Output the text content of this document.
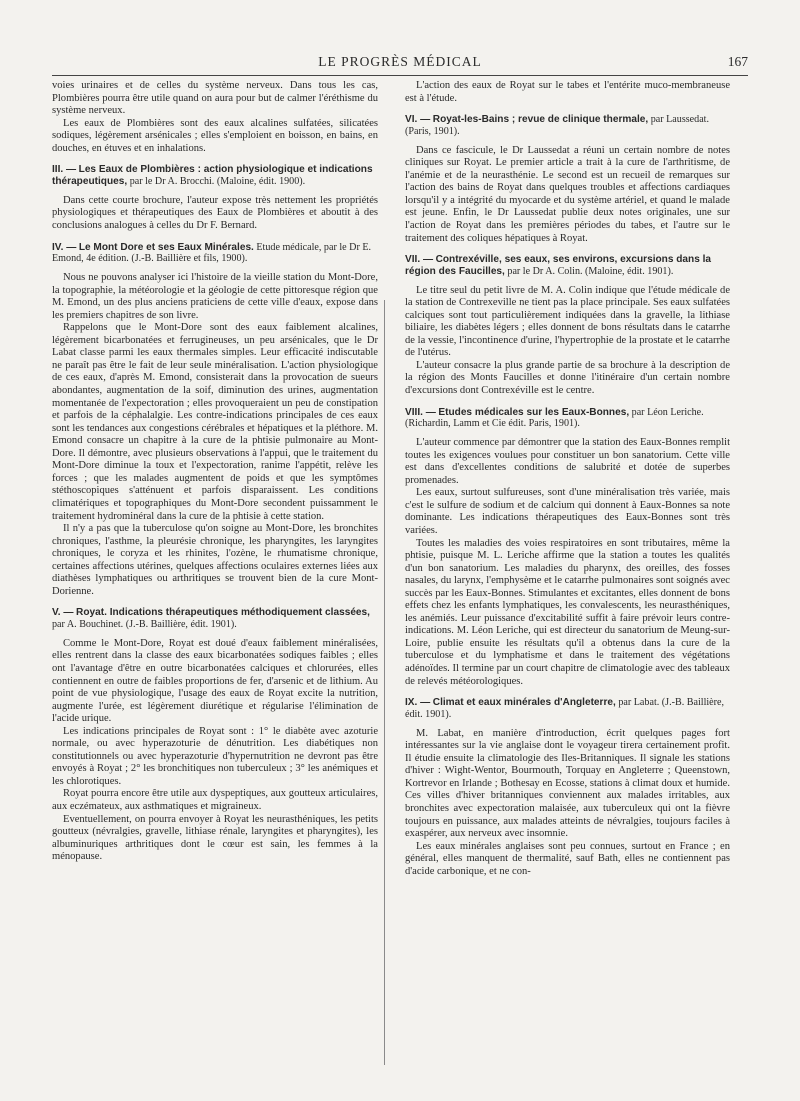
LE PROGRÈS MÉDICAL	167

voies urinaires et de celles du système nerveux. Dans tous les cas, Plombières pourra être utile quand on aura pour but de calmer l'éréthisme du système nerveux.

Les eaux de Plombières sont des eaux alcalines sulfatées, silicatées sodiques, légèrement arsénicales ; elles s'emploient en boisson, en bains, en douches, en étuves et en inhalations.

III. — Les Eaux de Plombières : action physiologique et indications thérapeutiques, par le Dr A. Brocchi. (Maloine, édit. 1900).

Dans cette courte brochure, l'auteur expose très nettement les propriétés physiologiques et thérapeutiques des Eaux de Plombières et aboutit à des conclusions analogues à celles du Dr F. Bernard.

IV. — Le Mont Dore et ses Eaux Minérales. Etude médicale, par le Dr E. Emond, 4e édition. (J.-B. Baillière et fils, 1900).

Nous ne pouvons analyser ici l'histoire de la vieille station du Mont-Dore, la topographie, la météorologie et la géologie de cette pittoresque région que M. Emond, un des plus anciens praticiens de cette ville d'eaux, expose dans les premiers chapitres de son livre.

Rappelons que le Mont-Dore sont des eaux faiblement alcalines, légèrement bicarbonatées et ferrugineuses, un peu arsénicales, que le Dr Labat classe parmi les eaux thermales simples. Leur efficacité indiscutable ne paraît pas être le fait de leur seule minéralisation. L'action physiologique de ces eaux, d'après M. Emond, consisterait dans la provocation de sueurs abondantes, augmentation de la soif, diminution des urines, augmentation momentanée de l'expectoration ; elles provoqueraient un peu de constipation et parfois de la céphalalgie. Les contre-indications principales de ces eaux sont les tendances aux congestions cérébrales et hépatiques et la pléthore. M. Emond consacre un chapitre à la cure de la phtisie pulmonaire au Mont-Dore. Il démontre, avec plusieurs observations à l'appui, que le traitement du Mont-Dore diminue la toux et l'expectoration, ranime l'appétit, relève les forces ; que les malades augmentent de poids et que les symptômes stéthoscopiques s'atténuent et parfois disparaissent. Les conditions climatériques et topographiques du Mont-Dore secondent puissamment le traitement hydrominéral dans la cure de la phtisie à cette station.

Il n'y a pas que la tuberculose qu'on soigne au Mont-Dore, les bronchites chroniques, l'asthme, la pleurésie chronique, les pharyngites, les laryngites chroniques, le coryza et les rhinites, l'ozène, le rhumatisme chronique, certaines affections utérines, quelques affections oculaires externes liées aux diathèses lymphatiques ou arthritiques se trouvent bien de la cure Mont-Dorienne.

V. — Royat. Indications thérapeutiques méthodiquement classées, par A. Bouchinet. (J.-B. Baillière, édit. 1901).

Comme le Mont-Dore, Royat est doué d'eaux faiblement minéralisées, elles rentrent dans la classe des eaux bicarbonatées sodiques faibles ; elles ont l'avantage d'être en outre bicarbonatées calciques et chlorurées, elles contiennent en outre de faibles proportions de fer, d'arsenic et de lithium. Au point de vue physiologique, l'usage des eaux de Royat excite la nutrition, augmente l'urée, est légèrement diurétique et régularise l'élimination de l'acide urique.

Les indications principales de Royat sont : 1° le diabète avec azoturie normale, ou avec hyperazoturie de dénutrition. Les diabétiques non constitutionnels ou avec hyperazoturie d'hypernutrition ne devront pas être envoyés à Royat ; 2° les bronchitiques non tuberculeux ; 3° les anémiques et les chlorotiques.

Royat pourra encore être utile aux dyspeptiques, aux goutteux articulaires, aux eczémateux, aux asthmatiques et migraineux.

Eventuellement, on pourra envoyer à Royat les neurasthéniques, les petits goutteux (névralgies, gravelle, lithiase rénale, laryngites et pharyngites), les albuminuriques arthritiques dont le cœur est sain, les femmes à la ménopause.

L'action des eaux de Royat sur le tabes et l'entérite muco-membraneuse est à l'étude.

VI. — Royat-les-Bains ; revue de clinique thermale, par Laussedat. (Paris, 1901).

Dans ce fascicule, le Dr Laussedat a réuni un certain nombre de notes cliniques sur Royat. Le premier article a trait à la cure de l'arthritisme, de l'anémie et de la neurasthénie. Le second est un recueil de remarques sur l'action des bains de Royat dans quelques troubles et affections cardiaques lorsqu'il y a intégrité du myocarde et du système artériel, et quand le malade est jeune. Enfin, le Dr Laussedat publie deux notes originales, une sur l'action de Royat dans les premières périodes du tabes, et l'autre sur le traitement des coliques hépatiques à Royat.

VII. — Contrexéville, ses eaux, ses environs, excursions dans la région des Faucilles, par le Dr A. Colin. (Maloine, édit. 1901).

Le titre seul du petit livre de M. A. Colin indique que l'étude médicale de la station de Contrexeville ne tient pas la place principale. Ses eaux sulfatées calciques sont tout particulièrement indiquées dans la gravelle, la lithiase biliaire, les diabètes légers ; elles donnent de bons résultats dans le catarrhe de la vessie, l'incontinence d'urine, l'hypertrophie de la prostate et le catarrhe de l'utérus.

L'auteur consacre la plus grande partie de sa brochure à la description de la région des Monts Faucilles et donne l'itinéraire d'un certain nombre d'excursions dont Contrexéville est le centre.

VIII. — Etudes médicales sur les Eaux-Bonnes, par Léon Leriche. (Richardin, Lamm et Cie édit. Paris, 1901).

L'auteur commence par démontrer que la station des Eaux-Bonnes remplit toutes les exigences voulues pour constituer un bon sanatorium. Cette ville est dans d'excellentes conditions de salubrité et dotée de superbes promenades.

Les eaux, surtout sulfureuses, sont d'une minéralisation très variée, mais c'est le sulfure de sodium et de calcium qui donnent à Eaux-Bonnes sa note dominante. Les indications thérapeutiques des Eaux-Bonnes sont très variées.

Toutes les maladies des voies respiratoires en sont tributaires, même la phtisie, puisque M. L. Leriche affirme que la station a toutes les qualités d'un bon sanatorium. Les maladies du pharynx, des oreilles, des fosses nasales, du larynx, l'emphysème et le catarrhe pulmonaires sont soignés avec succès par les Eaux-Bonnes. Stimulantes et excitantes, elles donnent de bons effets chez les enfants lymphatiques, les convalescents, les neurasthéniques, les anémiés. Leur puissance d'excitabilité suffit à faire prévoir leurs contre-indications. M. Léon Leriche, qui est directeur du sanatorium de Meung-sur-Loire, publie ensuite les résultats qu'il a obtenus dans la cure de la tuberculose et du lymphatisme et dans le traitement des végétations adénoïdes. Il termine par un court chapitre de climatologie avec des tableaux de relevés météorologiques.

IX. — Climat et eaux minérales d'Angleterre, par Labat. (J.-B. Baillière, édit. 1901).

M. Labat, en manière d'introduction, écrit quelques pages fort intéressantes sur la vie anglaise dont le voyageur tirera certainement profit. Il étudie ensuite la climatologie des Iles-Britanniques. Il signale les stations d'hiver : Wight-Wentor, Bourmouth, Torquay en Angleterre ; Queenstown, Kortrevor en Irlande ; Bothesay en Ecosse, stations à climat doux et humide. Ces villes d'hiver britanniques conviennent aux malades irritables, aux bronchites avec expectoration malaisée, aux tuberculeux qui ont la fièvre toujours en puissance, aux malades atteints de névralgies, toujours faciles à exaspérer, aux nerveux avec insomnie.

Les eaux minérales anglaises sont peu connues, surtout en France ; en général, elles manquent de thermalité, sauf Bath, elles ne contiennent pas d'acide carbonique, et ne con-
